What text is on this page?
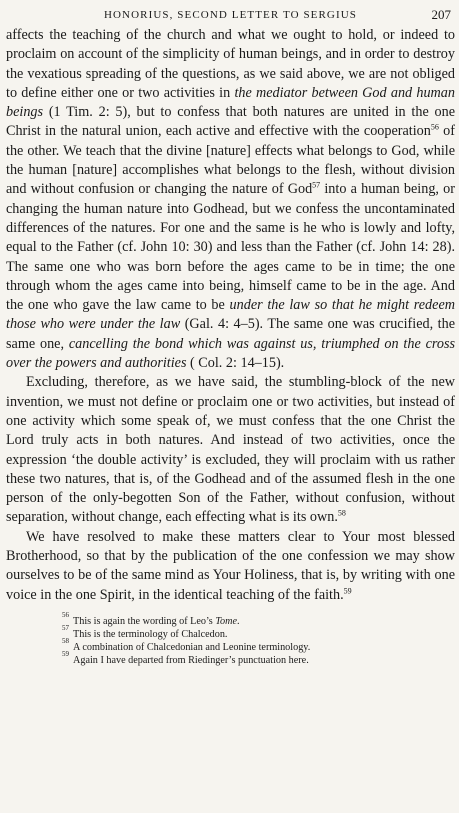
HONORIUS, SECOND LETTER TO SERGIUS	207

affects the teaching of the church and what we ought to hold, or indeed to proclaim on account of the simplicity of human beings, and in order to destroy the vexatious spreading of the questions, as we said above, we are not obliged to define either one or two activities in the mediator between God and human beings (1 Tim. 2: 5), but to confess that both natures are united in the one Christ in the natural union, each active and effective with the cooperation$^{56}$ of the other. We teach that the divine [nature] effects what belongs to God, while the human [nature] accomplishes what belongs to the flesh, without division and without confusion or changing the nature of God$^{57}$ into a human being, or changing the human nature into Godhead, but we confess the uncontaminated differences of the natures. For one and the same is he who is lowly and lofty, equal to the Father (cf. John 10: 30) and less than the Father (cf. John 14: 28). The same one who was born before the ages came to be in time; the one through whom the ages came into being, himself came to be in the age. And the one who gave the law came to be under the law so that he might redeem those who were under the law (Gal. 4: 4–5). The same one was crucified, the same one, cancelling the bond which was against us, triumphed on the cross over the powers and authorities ( Col. 2: 14–15).

Excluding, therefore, as we have said, the stumbling-block of the new invention, we must not define or proclaim one or two activities, but instead of one activity which some speak of, we must confess that the one Christ the Lord truly acts in both natures. And instead of two activities, once the expression ‘the double activity’ is excluded, they will proclaim with us rather these two natures, that is, of the Godhead and of the assumed flesh in the one person of the only-begotten Son of the Father, without confusion, without separation, without change, each effecting what is its own.$^{58}$

We have resolved to make these matters clear to Your most blessed Brotherhood, so that by the publication of the one confession we may show ourselves to be of the same mind as Your Holiness, that is, by writing with one voice in the one Spirit, in the identical teaching of the faith.$^{59}$

56
This is again the wording of Leo’s Tome.
57
This is the terminology of Chalcedon.
58
A combination of Chalcedonian and Leonine terminology.
59
Again I have departed from Riedinger’s punctuation here.
